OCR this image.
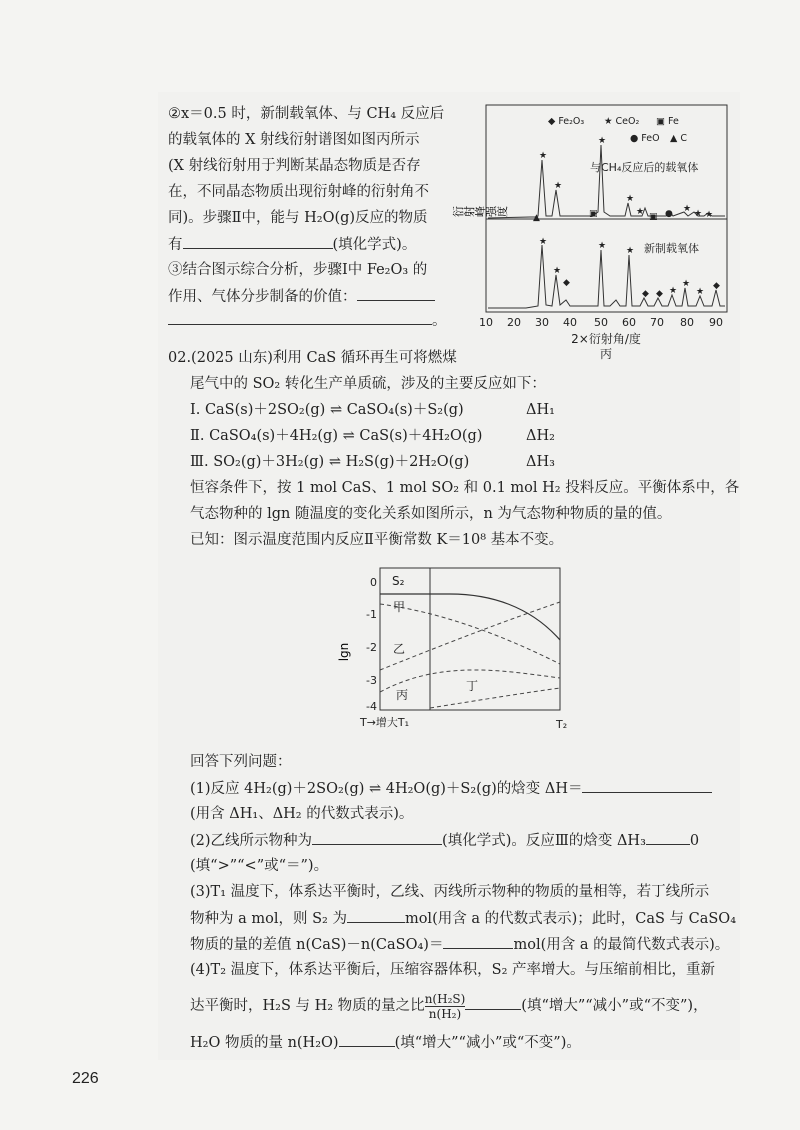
②x＝0.5 时，新制载氧体、与 CH₄ 反应后
的载氧体的 X 射线衍射谱图如图丙所示
(X 射线衍射用于判断某晶态物质是否存
在，不同晶态物质出现衍射峰的衍射角不
同)。步骤Ⅱ中，能与 H₂O(g)反应的物质
有	(填化学式)。
③结合图示综合分析，步骤Ⅰ中 Fe₂O₃ 的
作用、气体分步制备的价值：
。
◆ Fe₂O₃ ★ CeO₂ ▣ Fe
● FeO ▲ C
与CH₄反应后的载氧体
新制载氧体
衍射峰强度
★
★
★
▲	▣
★
★ ▣ ● ★ ★ ★
★
★
◆
★ ★
◆ ◆ ★
★
★
◆
10 20 30 40 50 60 70 80 90
2×衍射角/度
丙
02.(2025 山东)利用 CaS 循环再生可将燃煤
尾气中的 SO₂ 转化生产单质硫，涉及的主要反应如下：
Ⅰ. CaS(s)＋2SO₂(g) ⇌ CaSO₄(s)＋S₂(g)	ΔH₁
Ⅱ. CaSO₄(s)＋4H₂(g) ⇌ CaS(s)＋4H₂O(g)	ΔH₂
Ⅲ. SO₂(g)＋3H₂(g) ⇌ H₂S(g)＋2H₂O(g)	ΔH₃
恒容条件下，按 1 mol CaS、1 mol SO₂ 和 0.1 mol H₂ 投料反应。平衡体系中，各
气态物种的 lgn 随温度的变化关系如图所示，n 为气态物种物质的量的值。
已知：图示温度范围内反应Ⅱ平衡常数 K＝10⁸ 基本不变。
0
-1
-2
-3
-4
lgn
S₂
甲
乙
丙
丁
T→增大T₁	T₂
回答下列问题：
(1)反应 4H₂(g)＋2SO₂(g) ⇌ 4H₂O(g)＋S₂(g)的焓变 ΔH＝
(用含 ΔH₁、ΔH₂ 的代数式表示)。
(2)乙线所示物种为	(填化学式)。反应Ⅲ的焓变 ΔH₃	0
(填“>”“<”或“＝”)。
(3)T₁ 温度下，体系达平衡时，乙线、丙线所示物种的物质的量相等，若丁线所示
物种为 a mol，则 S₂ 为	mol(用含 a 的代数式表示)；此时，CaS 与 CaSO₄
物质的量的差值 n(CaS)－n(CaSO₄)＝	mol(用含 a 的最简代数式表示)。
(4)T₂ 温度下，体系达平衡后，压缩容器体积，S₂ 产率增大。与压缩前相比，重新
达平衡时，H₂S 与 H₂ 物质的量之比 $\frac{\text{n(H₂S)}}{\text{n(H₂)}}$	(填“增大”“减小”或“不变”)，
H₂O 物质的量 n(H₂O)	(填“增大”“减小”或“不变”)。
226
